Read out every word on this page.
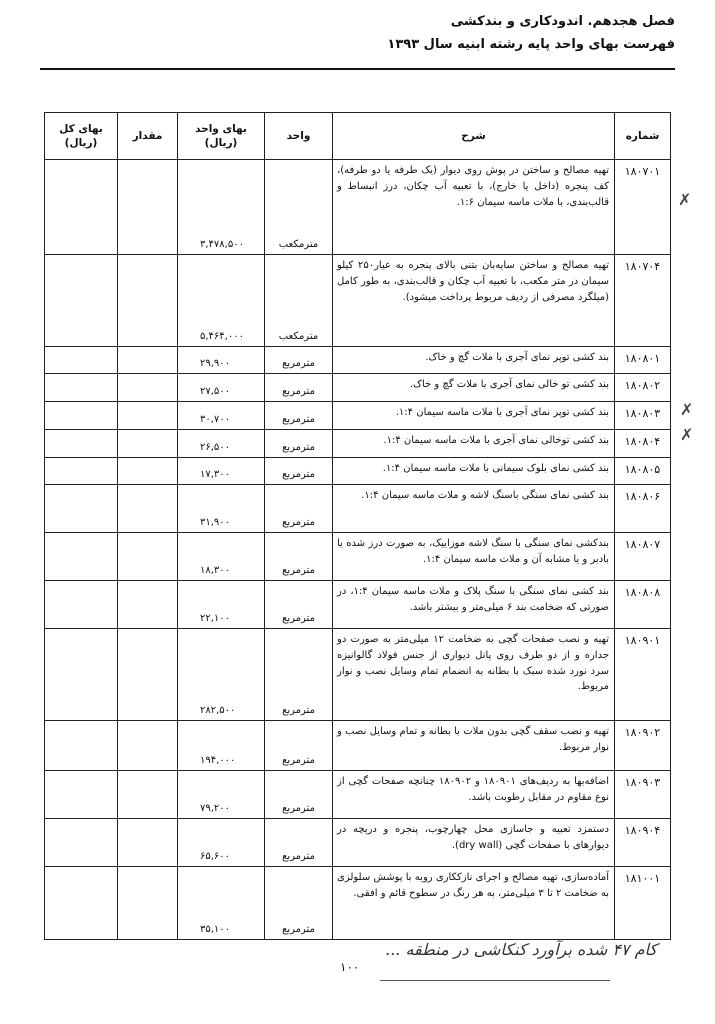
فصل هجدهم. اندودکاری و بندکشی
فهرست بهای واحد پایه رشته ابنیه سال ۱۳۹۳
شماره	شرح	واحد	بهای واحد (ریال)	مقدار	بهای کل (ریال)
۱۸۰۷۰۱	تهیه مصالح و ساختن در پوش روی دیوار (یک طرفه یا دو طرفه)، کف پنجره (داخل یا خارج)، با تعبیه آب چکان، درز انبساط و قالب‌بندی، با ملات ماسه سیمان ۱:۶.	مترمکعب	۳,۴۷۸,۵۰۰		
۱۸۰۷۰۴	تهیه مصالح و ساختن سایه‌بان بتنی بالای پنجره به عیار۲۵۰ کیلو سیمان در متر مکعب، با تعبیه آب چکان و قالب‌بندی، به طور کامل (میلگرد مصرفی از ردیف مربوط پرداخت میشود).	مترمکعب	۵,۴۶۴,۰۰۰		
۱۸۰۸۰۱	بند کشی توپر نمای آجری با ملات گچ و خاک.	مترمربع	۲۹,۹۰۰		
۱۸۰۸۰۲	بند کشی تو خالی نمای آجری با ملات گچ و خاک.	مترمربع	۲۷,۵۰۰		
۱۸۰۸۰۳	بند کشی توپر نمای آجری با ملات ماسه سیمان ۱:۴.	مترمربع	۳۰,۷۰۰		
۱۸۰۸۰۴	بند کشی توخالی نمای آجری با ملات ماسه سیمان ۱:۴.	مترمربع	۲۶,۵۰۰		
۱۸۰۸۰۵	بند کشی نمای بلوک سیمانی با ملات ماسه سیمان ۱:۴.	مترمربع	۱۷,۳۰۰		
۱۸۰۸۰۶	بند کشی نمای سنگی باسنگ لاشه و ملات ماسه سیمان ۱:۴.	مترمربع	۳۱,۹۰۰		
۱۸۰۸۰۷	بندکشی نمای سنگی با سنگ لاشه موزاییک، به صورت درز شده یا بادبر و یا مشابه آن و ملات ماسه سیمان ۱:۴.	مترمربع	۱۸,۳۰۰		
۱۸۰۸۰۸	بند کشی نمای سنگی با سنگ پلاک و ملات ماسه سیمان ۱:۴، در صورتی که ضخامت بند ۶ میلی‌متر و بیشتر باشد.	مترمربع	۲۲,۱۰۰		
۱۸۰۹۰۱	تهیه و نصب صفحات گچی به ضخامت ۱۲ میلی‌متر به صورت دو جداره و از دو طرف روی پانل دیواری از جنس فولاد گالوانیزه سرد نورد شده سبک با بطانه به انضمام تمام وسایل نصب و نوار مربوط.	مترمربع	۲۸۲,۵۰۰		
۱۸۰۹۰۲	تهیه و نصب سقف گچی بدون ملات با بطانه و تمام وسایل نصب و نوار مربوط.	مترمربع	۱۹۴,۰۰۰		
۱۸۰۹۰۳	اضافه‌بها به ردیف‌های ۱۸۰۹۰۱ و ۱۸۰۹۰۲ چنانچه صفحات گچی از نوع مقاوم در مقابل رطوبت باشد.	مترمربع	۷۹,۲۰۰		
۱۸۰۹۰۴	دستمزد تعبیه و جاسازی محل چهارچوب، پنجره و دریچه در دیوارهای با صفحات گچی (dry wall).	مترمربع	۶۵,۶۰۰		
۱۸۱۰۰۱	آماده‌سازی، تهیه مصالح و اجرای نازککاری رویه با پوشش سلولزی به ضخامت ۲ تا ۳ میلی‌متر، به هر رنگ در سطوح قائم و افقی.	مترمربع	۳۵,۱۰۰		
✗
✗
✗
کام ۴۷ شده برآورد کنکاشی در منطقه ...
۱۰۰
